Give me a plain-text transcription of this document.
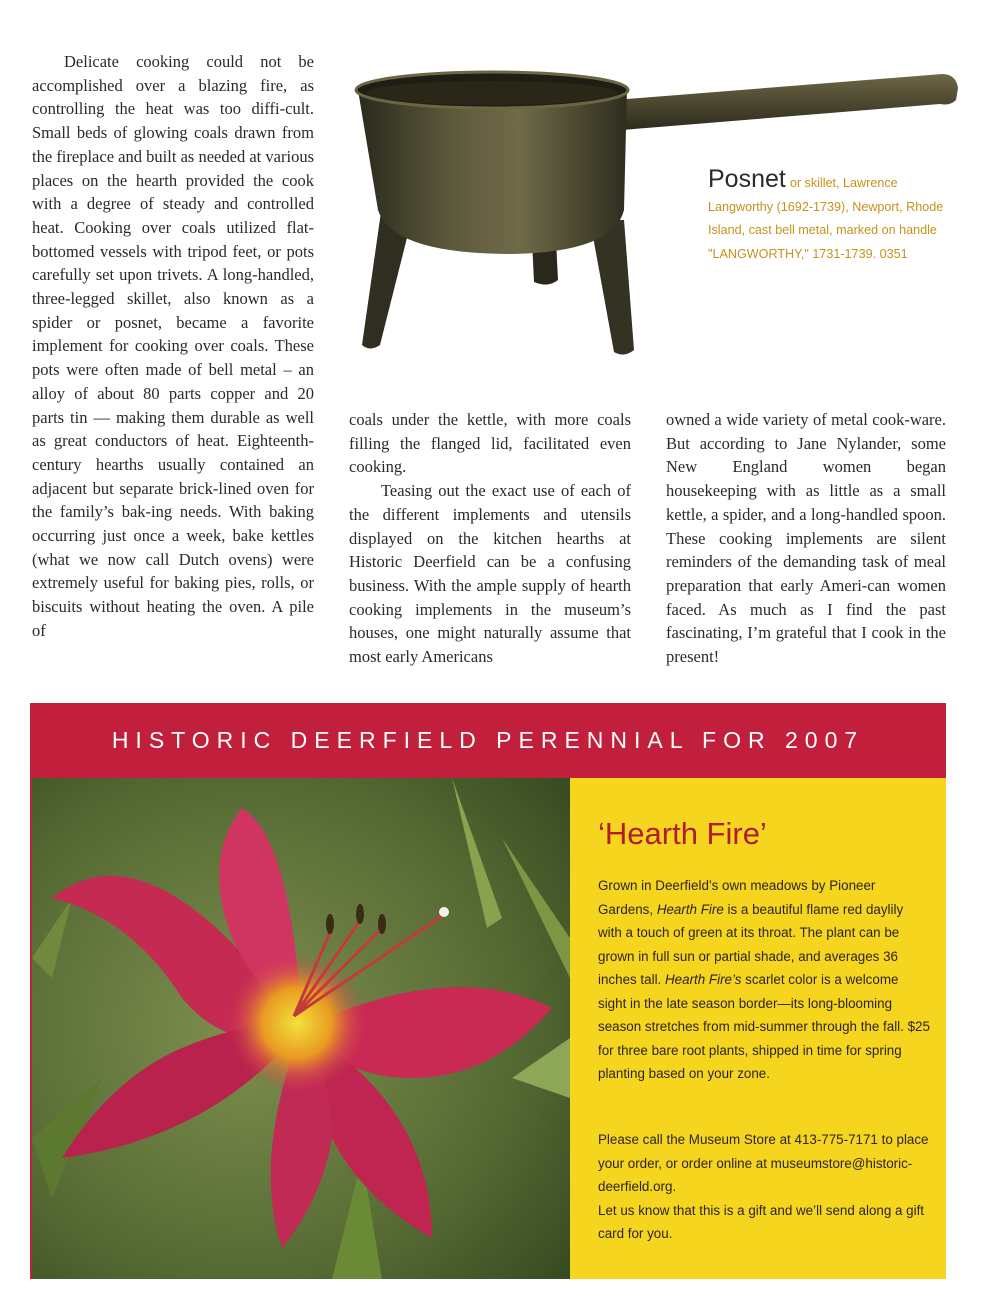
Delicate cooking could not be accomplished over a blazing fire, as controlling the heat was too diffi-cult. Small beds of glowing coals drawn from the fireplace and built as needed at various places on the hearth provided the cook with a degree of steady and controlled heat. Cooking over coals utilized flat-bottomed vessels with tripod feet, or pots carefully set upon trivets. A long-handled, three-legged skillet, also known as a spider or posnet, became a favorite implement for cooking over coals. These pots were often made of bell metal – an alloy of about 80 parts copper and 20 parts tin — making them durable as well as great conductors of heat. Eighteenth-century hearths usually contained an adjacent but separate brick-lined oven for the family’s bak-ing needs. With baking occurring just once a week, bake kettles (what we now call Dutch ovens) were extremely useful for baking pies, rolls, or biscuits without heating the oven. A pile of

Posnet or skillet, Lawrence Langworthy (1692-1739), Newport, Rhode Island, cast bell metal, marked on handle "LANGWORTHY," 1731-1739. 0351

coals under the kettle, with more coals filling the flanged lid, facilitated even cooking.

Teasing out the exact use of each of the different implements and utensils displayed on the kitchen hearths at Historic Deerfield can be a confusing business. With the ample supply of hearth cooking implements in the museum’s houses, one might naturally assume that most early Americans

owned a wide variety of metal cook-ware. But according to Jane Nylander, some New England women began housekeeping with as little as a small kettle, a spider, and a long-handled spoon. These cooking implements are silent reminders of the demanding task of meal preparation that early Ameri-can women faced. As much as I find the past fascinating, I’m grateful that I cook in the present!

HISTORIC DEERFIELD PERENNIAL FOR 2007
‘Hearth Fire’

Grown in Deerfield’s own meadows by Pioneer Gardens, Hearth Fire is a beautiful flame red daylily with a touch of green at its throat. The plant can be grown in full sun or partial shade, and averages 36 inches tall. Hearth Fire’s scarlet color is a welcome sight in the late season border—its long-blooming season stretches from mid-summer through the fall. $25 for three bare root plants, shipped in time for spring planting based on your zone.

Please call the Museum Store at 413-775-7171 to place your order, or order online at museumstore@historic-deerfield.org.

Let us know that this is a gift and we’ll send along a gift card for you.
